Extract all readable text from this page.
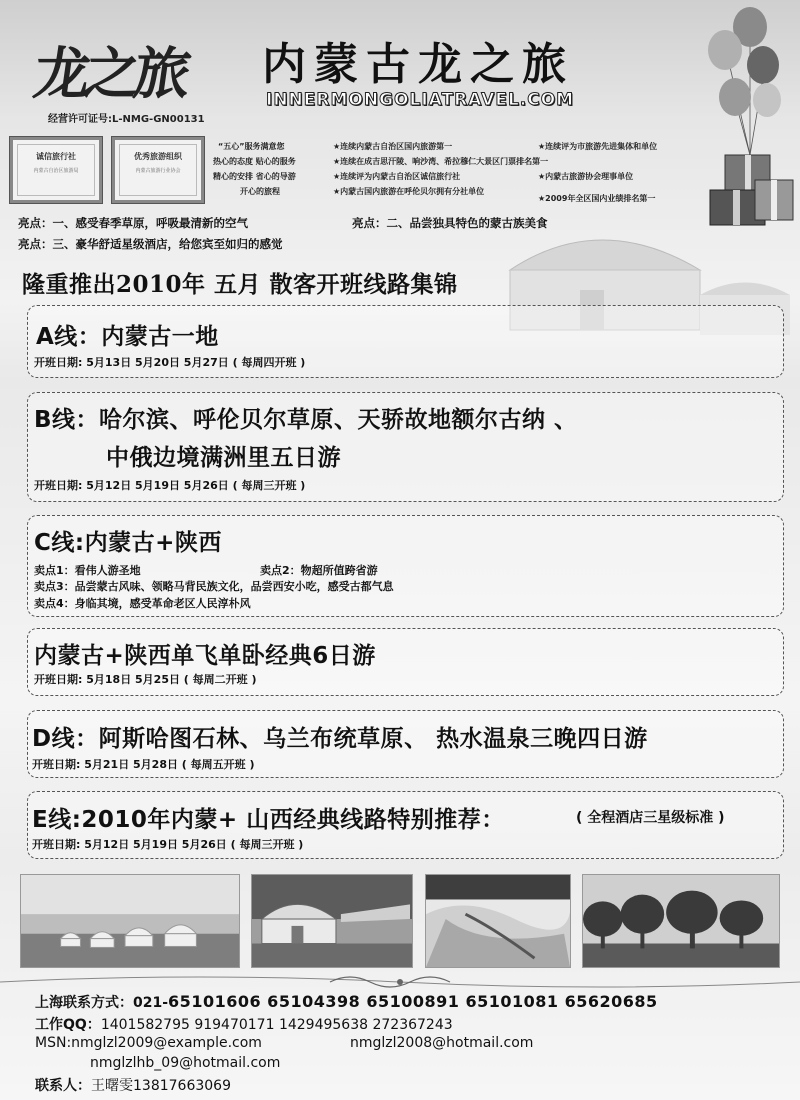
龙之旅
经营许可证号:L-NMG-GN00131
内蒙古龙之旅
INNERMONGOLIATRAVEL.COM
诚信旅行社
内蒙古自治区旅游局
优秀旅游组织
内蒙古旅游行业协会
“五心”服务满意您	★连续内蒙古自治区国内旅游第一	★连续评为市旅游先进集体和单位
热心的态度 贴心的服务	★连续在成吉思汗陵、响沙湾、希拉穆仁大景区门票排名第一
精心的安排 省心的导游	★连续评为内蒙古自治区诚信旅行社	★内蒙古旅游协会理事单位
开心的旅程	★内蒙古国内旅游在呼伦贝尔拥有分社单位
★2009年全区国内业绩排名第一
亮点：一、感受春季草原，呼吸最清新的空气	亮点：二、品尝独具特色的蒙古族美食
亮点：三、豪华舒适星级酒店，给您宾至如归的感觉
隆重推出2010年 五月 散客开班线路集锦
A线：内蒙古一地
开班日期: 5月13日 5月20日 5月27日 ( 每周四开班 )
B线：哈尔滨、呼伦贝尔草原、天骄故地额尔古纳 、
中俄边境满洲里五日游
开班日期: 5月12日 5月19日 5月26日 ( 每周三开班 )
C线:内蒙古+陕西
卖点1：看伟人游圣地	卖点2：物超所值跨省游
卖点3：品尝蒙古风味、领略马背民族文化，品尝西安小吃，感受古都气息
卖点4：身临其境，感受革命老区人民淳朴风
内蒙古+陕西单飞单卧经典6日游
开班日期: 5月18日 5月25日 ( 每周二开班 )
D线：阿斯哈图石林、乌兰布统草原、 热水温泉三晚四日游
开班日期: 5月21日 5月28日 ( 每周五开班 )
E线:2010年内蒙+ 山西经典线路特别推荐：	( 全程酒店三星级标准 )
开班日期: 5月12日 5月19日 5月26日 ( 每周三开班 )
上海联系方式：021-65101606 65104398 65100891 65101081 65620685
工作QQ：1401582795 919470171 1429495638 272367243
MSN:nmglzl2009@example.com	nmglzl2008@hotmail.com
nmglzlhb_09@hotmail.com
联系人：王曙雯13817663069
